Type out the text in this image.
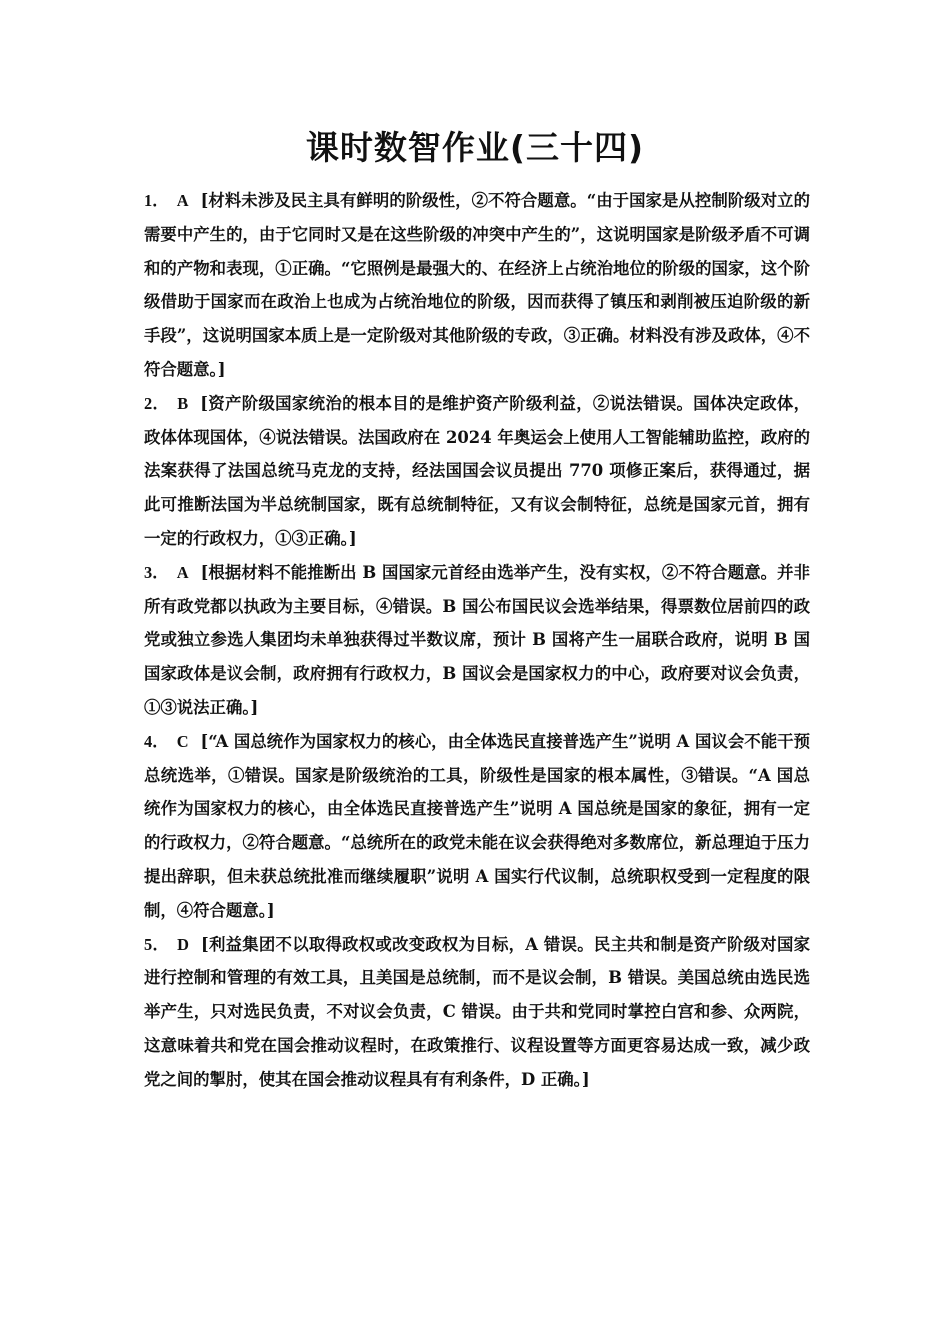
课时数智作业(三十四)

1． A [材料未涉及民主具有鲜明的阶级性，②不符合题意。“由于国家是从控制阶级对立的需要中产生的，由于它同时又是在这些阶级的冲突中产生的”，这说明国家是阶级矛盾不可调和的产物和表现，①正确。“它照例是最强大的、在经济上占统治地位的阶级的国家，这个阶级借助于国家而在政治上也成为占统治地位的阶级，因而获得了镇压和剥削被压迫阶级的新手段”，这说明国家本质上是一定阶级对其他阶级的专政，③正确。材料没有涉及政体，④不符合题意。]

2． B [资产阶级国家统治的根本目的是维护资产阶级利益，②说法错误。国体决定政体，政体体现国体，④说法错误。法国政府在 2024 年奥运会上使用人工智能辅助监控，政府的法案获得了法国总统马克龙的支持，经法国国会议员提出 770 项修正案后，获得通过，据此可推断法国为半总统制国家，既有总统制特征，又有议会制特征，总统是国家元首，拥有一定的行政权力，①③正确。]

3． A [根据材料不能推断出 B 国国家元首经由选举产生，没有实权，②不符合题意。并非所有政党都以执政为主要目标，④错误。B 国公布国民议会选举结果，得票数位居前四的政党或独立参选人集团均未单独获得过半数议席，预计 B 国将产生一届联合政府，说明 B 国国家政体是议会制，政府拥有行政权力，B 国议会是国家权力的中心，政府要对议会负责，①③说法正确。]

4． C [“A 国总统作为国家权力的核心，由全体选民直接普选产生”说明 A 国议会不能干预总统选举，①错误。国家是阶级统治的工具，阶级性是国家的根本属性，③错误。“A 国总统作为国家权力的核心，由全体选民直接普选产生”说明 A 国总统是国家的象征，拥有一定的行政权力，②符合题意。“总统所在的政党未能在议会获得绝对多数席位，新总理迫于压力提出辞职，但未获总统批准而继续履职”说明 A 国实行代议制，总统职权受到一定程度的限制，④符合题意。]

5． D [利益集团不以取得政权或改变政权为目标，A 错误。民主共和制是资产阶级对国家进行控制和管理的有效工具，且美国是总统制，而不是议会制，B 错误。美国总统由选民选举产生，只对选民负责，不对议会负责，C 错误。由于共和党同时掌控白宫和参、众两院，这意味着共和党在国会推动议程时，在政策推行、议程设置等方面更容易达成一致，减少政党之间的掣肘，使其在国会推动议程具有有利条件，D 正确。]
